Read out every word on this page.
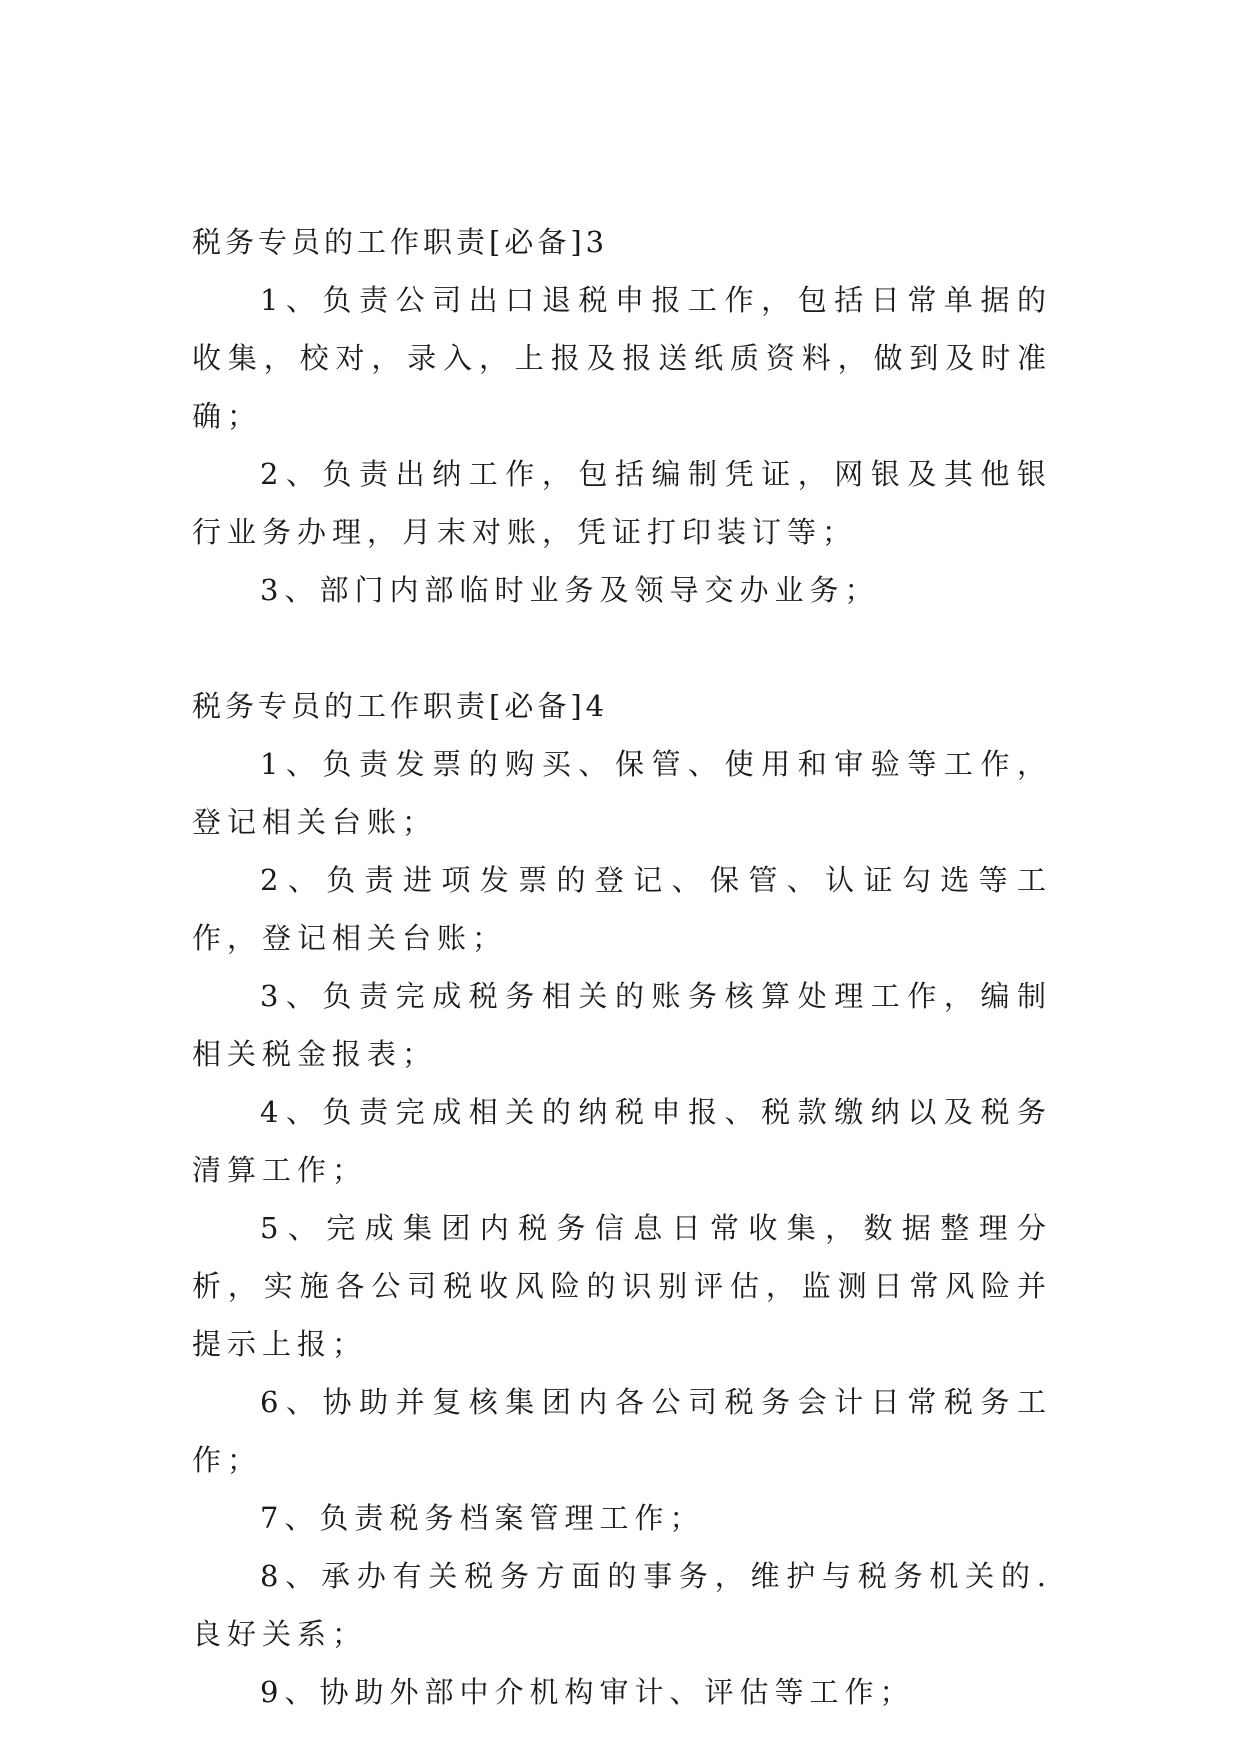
税务专员的工作职责[必备]3

1、负责公司出口退税申报工作，包括日常单据的收集，校对，录入，上报及报送纸质资料，做到及时准确；

2、负责出纳工作，包括编制凭证，网银及其他银行业务办理，月末对账，凭证打印装订等；

3、部门内部临时业务及领导交办业务；

税务专员的工作职责[必备]4

1、负责发票的购买、保管、使用和审验等工作，登记相关台账；

2、负责进项发票的登记、保管、认证勾选等工作，登记相关台账；

3、负责完成税务相关的账务核算处理工作，编制相关税金报表；

4、负责完成相关的纳税申报、税款缴纳以及税务清算工作；

5、完成集团内税务信息日常收集，数据整理分析，实施各公司税收风险的识别评估，监测日常风险并提示上报；

6、协助并复核集团内各公司税务会计日常税务工作；

7、负责税务档案管理工作；

8、承办有关税务方面的事务，维护与税务机关的.良好关系；

9、协助外部中介机构审计、评估等工作；
